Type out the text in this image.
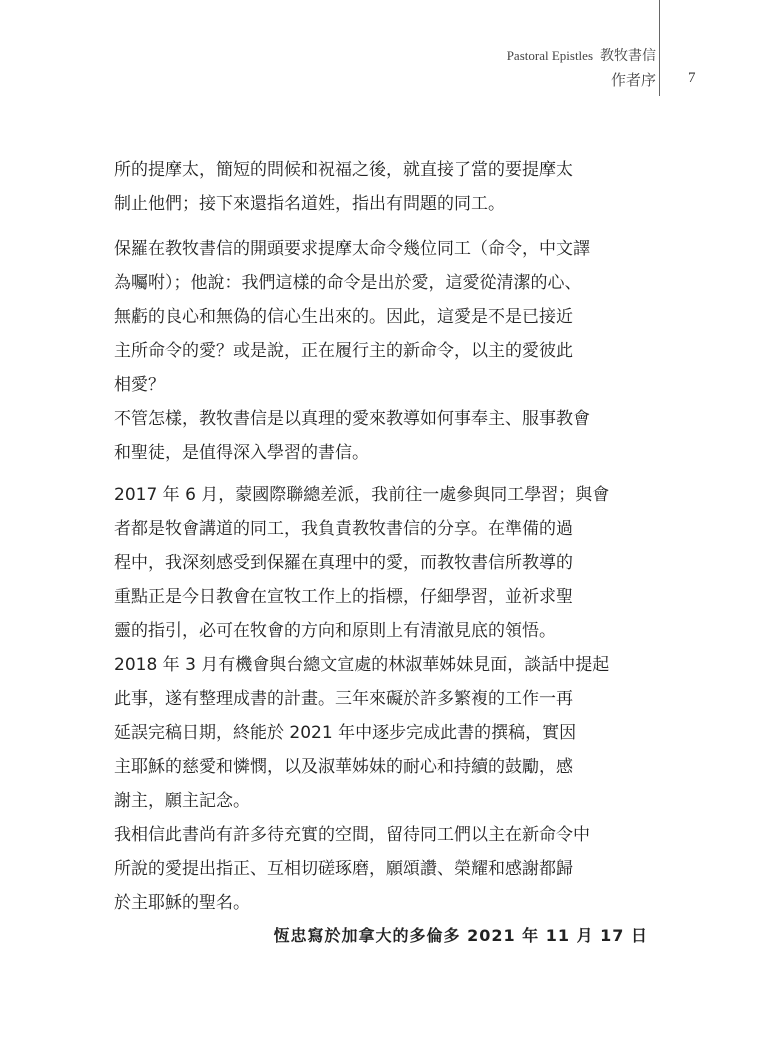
Pastoral Epistles 教牧書信
作者序 7
所的提摩太，簡短的問候和祝福之後，就直接了當的要提摩太
制止他們；接下來還指名道姓，指出有問題的同工。
保羅在教牧書信的開頭要求提摩太命令幾位同工（命令，中文譯
為囑咐）；他說：我們這樣的命令是出於愛，這愛從清潔的心、
無虧的良心和無偽的信心生出來的。因此，這愛是不是已接近
主所命令的愛？或是說，正在履行主的新命令，以主的愛彼此
相愛？
不管怎樣，教牧書信是以真理的愛來教導如何事奉主、服事教會
和聖徒，是值得深入學習的書信。
2017 年 6 月，蒙國際聯總差派，我前往一處參與同工學習；與會
者都是牧會講道的同工，我負責教牧書信的分享。在準備的過
程中，我深刻感受到保羅在真理中的愛，而教牧書信所教導的
重點正是今日教會在宣牧工作上的指標，仔細學習，並祈求聖
靈的指引，必可在牧會的方向和原則上有清澈見底的領悟。
2018 年 3 月有機會與台總文宣處的林淑華姊妹見面，談話中提起
此事，遂有整理成書的計畫。三年來礙於許多繁複的工作一再
延誤完稿日期，終能於 2021 年中逐步完成此書的撰稿，實因
主耶穌的慈愛和憐憫，以及淑華姊妹的耐心和持續的鼓勵，感
謝主，願主記念。
我相信此書尚有許多待充實的空間，留待同工們以主在新命令中
所說的愛提出指正、互相切磋琢磨，願頌讚、榮耀和感謝都歸
於主耶穌的聖名。
恆忠寫於加拿大的多倫多 2021 年 11 月 17 日
